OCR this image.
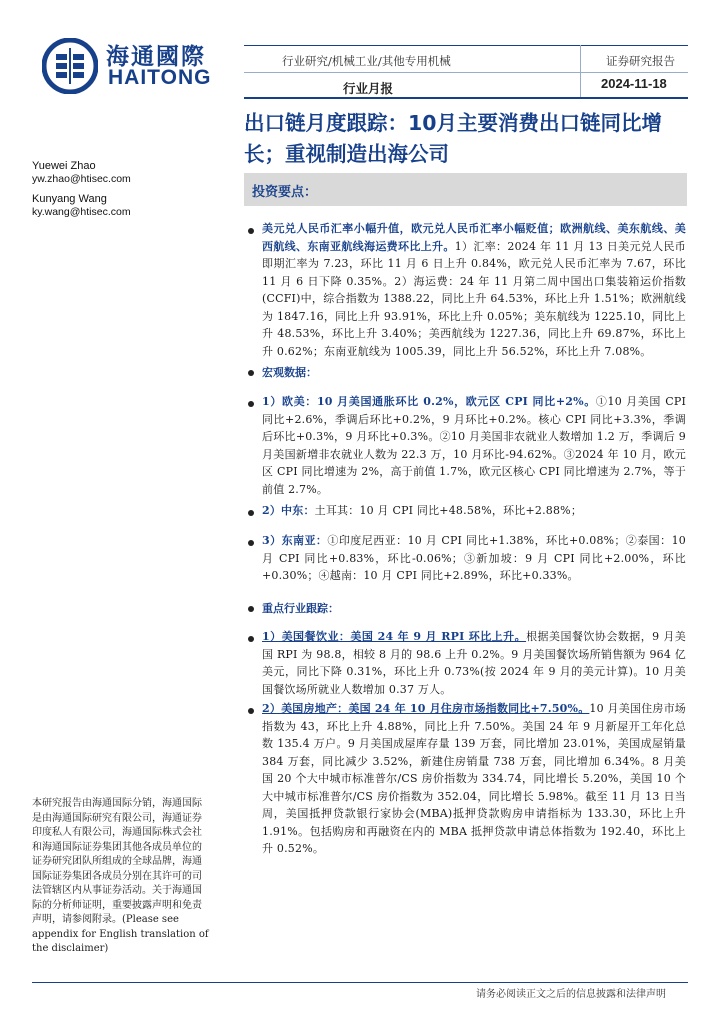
海通國際
HAITONG
行业研究/机械工业/其他专用机械
行业月报
证券研究报告
2024-11-18
出口链月度跟踪：10月主要消费出口链同比增长；重视制造出海公司
Yuewei Zhao
yw.zhao@htisec.com
Kunyang Wang
ky.wang@htisec.com
投资要点：
美元兑人民币汇率小幅升值，欧元兑人民币汇率小幅贬值；欧洲航线、美东航线、美西航线、东南亚航线海运费环比上升。1）汇率：2024 年 11 月 13 日美元兑人民币即期汇率为 7.23，环比 11 月 6 日上升 0.84%，欧元兑人民币汇率为 7.67，环比 11 月 6 日下降 0.35%。2）海运费：24 年 11 月第二周中国出口集装箱运价指数(CCFI)中，综合指数为 1388.22，同比上升 64.53%，环比上升 1.51%；欧洲航线为 1847.16，同比上升 93.91%，环比上升 0.05%；美东航线为 1225.10，同比上升 48.53%，环比上升 3.40%；美西航线为 1227.36，同比上升 69.87%，环比上升 0.62%；东南亚航线为 1005.39，同比上升 56.52%，环比上升 7.08%。
宏观数据：
1）欧美：10 月美国通胀环比 0.2%，欧元区 CPI 同比+2%。①10 月美国 CPI 同比+2.6%，季调后环比+0.2%，9 月环比+0.2%。核心 CPI 同比+3.3%，季调后环比+0.3%，9 月环比+0.3%。②10 月美国非农就业人数增加 1.2 万，季调后 9 月美国新增非农就业人数为 22.3 万，10 月环比-94.62%。③2024 年 10 月，欧元区 CPI 同比增速为 2%，高于前值 1.7%，欧元区核心 CPI 同比增速为 2.7%，等于前值 2.7%。
2）中东：土耳其：10 月 CPI 同比+48.58%，环比+2.88%；
3）东南亚：①印度尼西亚：10 月 CPI 同比+1.38%，环比+0.08%；②泰国：10 月 CPI 同比+0.83%，环比-0.06%；③新加坡：9 月 CPI 同比+2.00%，环比+0.30%；④越南：10 月 CPI 同比+2.89%，环比+0.33%。
重点行业跟踪：
1）美国餐饮业：美国 24 年 9 月 RPI 环比上升。根据美国餐饮协会数据，9 月美国 RPI 为 98.8，相较 8 月的 98.6 上升 0.2%。9 月美国餐饮场所销售额为 964 亿美元，同比下降 0.31%，环比上升 0.73%(按 2024 年 9 月的美元计算)。10 月美国餐饮场所就业人数增加 0.37 万人。
2）美国房地产：美国 24 年 10 月住房市场指数同比+7.50%。10 月美国住房市场指数为 43，环比上升 4.88%，同比上升 7.50%。美国 24 年 9 月新屋开工年化总数 135.4 万户。9 月美国成屋库存量 139 万套，同比增加 23.01%，美国成屋销量 384 万套，同比减少 3.52%，新建住房销量 738 万套，同比增加 6.34%。8 月美国 20 个大中城市标准普尔/CS 房价指数为 334.74，同比增长 5.20%，美国 10 个大中城市标准普尔/CS 房价指数为 352.04，同比增长 5.98%。截至 11 月 13 日当周，美国抵押贷款银行家协会(MBA)抵押贷款购房申请指标为 133.30，环比上升 1.91%。包括购房和再融资在内的 MBA 抵押贷款申请总体指数为 192.40，环比上升 0.52%。
本研究报告由海通国际分销，海通国际是由海通国际研究有限公司，海通证券印度私人有限公司，海通国际株式会社和海通国际证券集团其他各成员单位的证券研究团队所组成的全球品牌，海通国际证券集团各成员分别在其许可的司法管辖区内从事证券活动。关于海通国际的分析师证明，重要披露声明和免责声明，请参阅附录。(Please see appendix for English translation of the disclaimer)
请务必阅读正文之后的信息披露和法律声明
